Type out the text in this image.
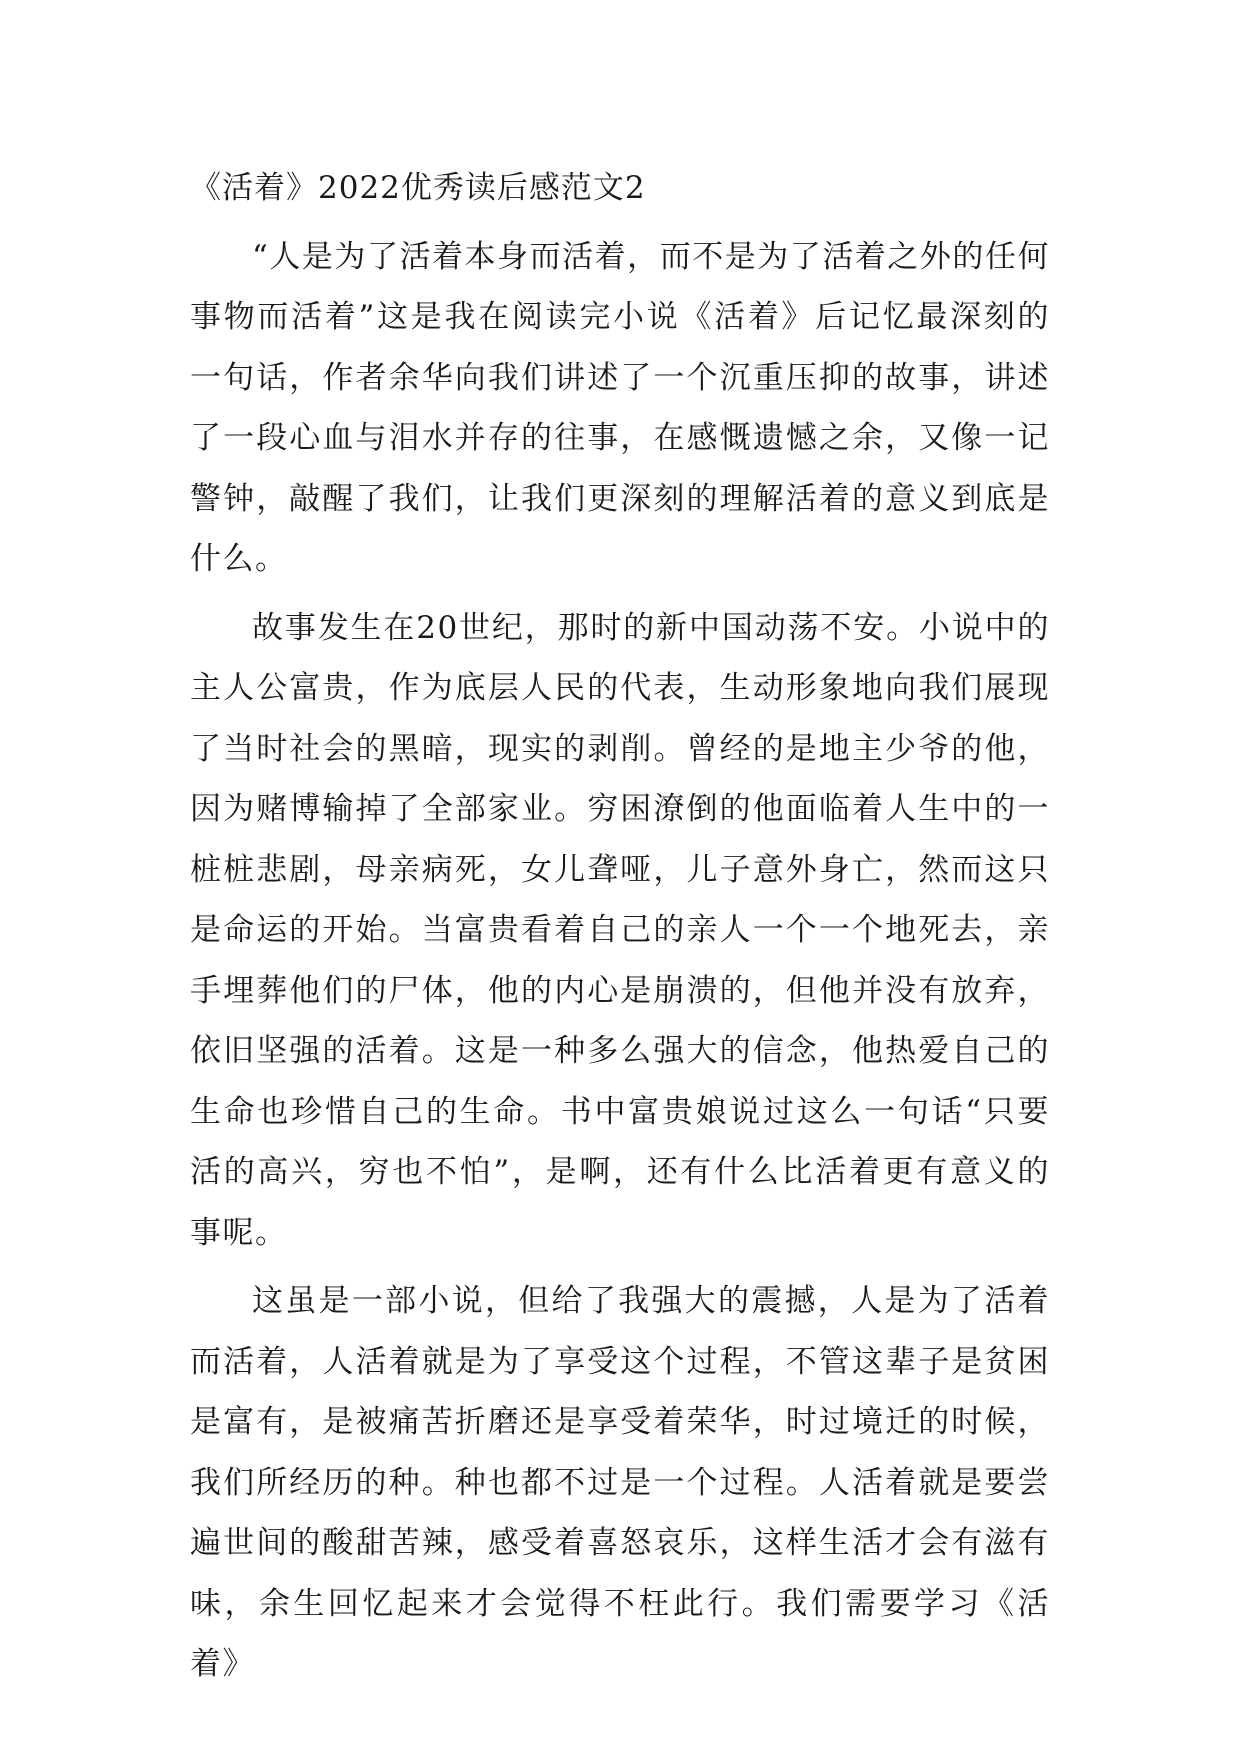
《活着》2022优秀读后感范文2

“人是为了活着本身而活着，而不是为了活着之外的任何事物而活着”这是我在阅读完小说《活着》后记忆最深刻的一句话，作者余华向我们讲述了一个沉重压抑的故事，讲述了一段心血与泪水并存的往事，在感慨遗憾之余，又像一记警钟，敲醒了我们，让我们更深刻的理解活着的意义到底是什么。

故事发生在20世纪，那时的新中国动荡不安。小说中的主人公富贵，作为底层人民的代表，生动形象地向我们展现了当时社会的黑暗，现实的剥削。曾经的是地主少爷的他，因为赌博输掉了全部家业。穷困潦倒的他面临着人生中的一桩桩悲剧，母亲病死，女儿聋哑，儿子意外身亡，然而这只是命运的开始。当富贵看着自己的亲人一个一个地死去，亲手埋葬他们的尸体，他的内心是崩溃的，但他并没有放弃，依旧坚强的活着。这是一种多么强大的信念，他热爱自己的生命也珍惜自己的生命。书中富贵娘说过这么一句话“只要活的高兴，穷也不怕”，是啊，还有什么比活着更有意义的事呢。

这虽是一部小说，但给了我强大的震撼，人是为了活着而活着，人活着就是为了享受这个过程，不管这辈子是贫困是富有，是被痛苦折磨还是享受着荣华，时过境迁的时候，我们所经历的种。种也都不过是一个过程。人活着就是要尝遍世间的酸甜苦辣，感受着喜怒哀乐，这样生活才会有滋有味，余生回忆起来才会觉得不枉此行。我们需要学习《活着》
